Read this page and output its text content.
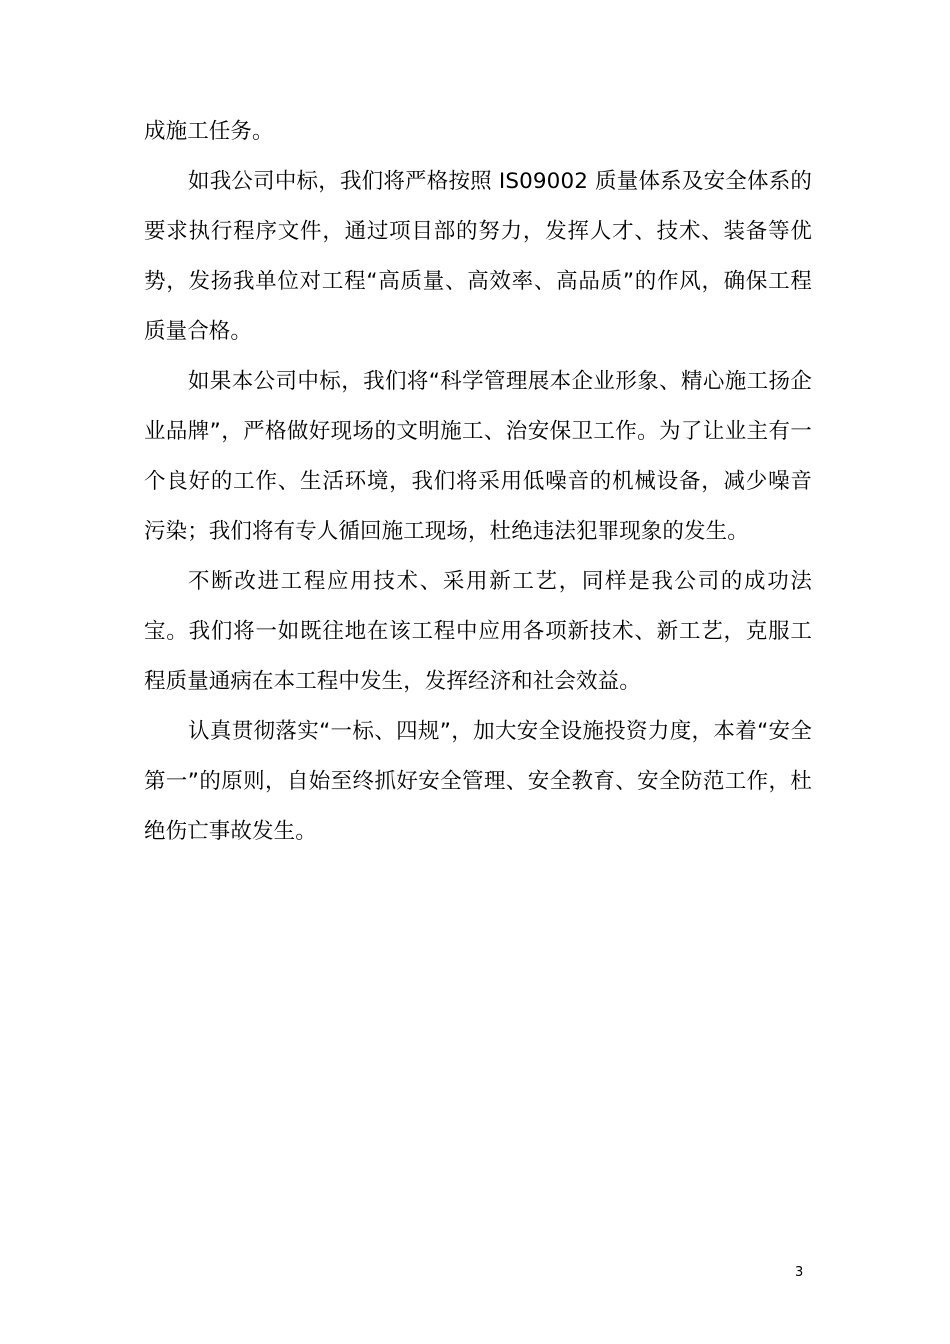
成施工任务。

如我公司中标，我们将严格按照 IS09002 质量体系及安全体系的要求执行程序文件，通过项目部的努力，发挥人才、技术、装备等优势，发扬我单位对工程“高质量、高效率、高品质”的作风，确保工程质量合格。

如果本公司中标，我们将“科学管理展本企业形象、精心施工扬企业品牌”，严格做好现场的文明施工、治安保卫工作。为了让业主有一个良好的工作、生活环境，我们将采用低噪音的机械设备，减少噪音污染；我们将有专人循回施工现场，杜绝违法犯罪现象的发生。

不断改进工程应用技术、采用新工艺，同样是我公司的成功法宝。我们将一如既往地在该工程中应用各项新技术、新工艺，克服工程质量通病在本工程中发生，发挥经济和社会效益。

认真贯彻落实“一标、四规”，加大安全设施投资力度，本着“安全第一”的原则，自始至终抓好安全管理、安全教育、安全防范工作，杜绝伤亡事故发生。

3
